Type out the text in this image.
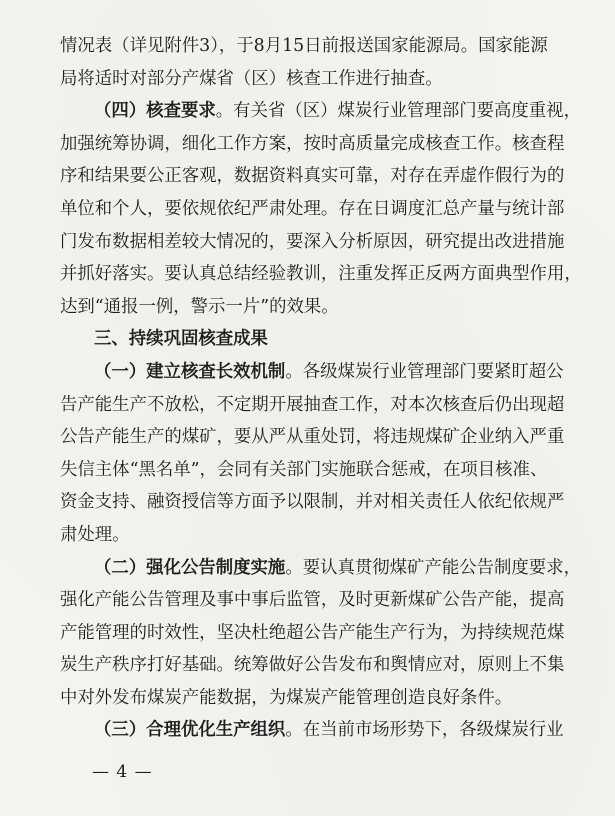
情况表（详见附件3），于8月15日前报送国家能源局。国家能源
局将适时对部分产煤省（区）核查工作进行抽查。
（四）核查要求。有关省（区）煤炭行业管理部门要高度重视，
加强统筹协调，细化工作方案，按时高质量完成核查工作。核查程
序和结果要公正客观，数据资料真实可靠，对存在弄虚作假行为的
单位和个人，要依规依纪严肃处理。存在日调度汇总产量与统计部
门发布数据相差较大情况的，要深入分析原因，研究提出改进措施
并抓好落实。要认真总结经验教训，注重发挥正反两方面典型作用，
达到“通报一例，警示一片”的效果。
三、持续巩固核查成果
（一）建立核查长效机制。各级煤炭行业管理部门要紧盯超公
告产能生产不放松，不定期开展抽查工作，对本次核查后仍出现超
公告产能生产的煤矿，要从严从重处罚，将违规煤矿企业纳入严重
失信主体“黑名单”，会同有关部门实施联合惩戒，在项目核准、
资金支持、融资授信等方面予以限制，并对相关责任人依纪依规严
肃处理。
（二）强化公告制度实施。要认真贯彻煤矿产能公告制度要求，
强化产能公告管理及事中事后监管，及时更新煤矿公告产能，提高
产能管理的时效性，坚决杜绝超公告产能生产行为，为持续规范煤
炭生产秩序打好基础。统筹做好公告发布和舆情应对，原则上不集
中对外发布煤炭产能数据，为煤炭产能管理创造良好条件。
（三）合理优化生产组织。在当前市场形势下，各级煤炭行业
— 4 —
